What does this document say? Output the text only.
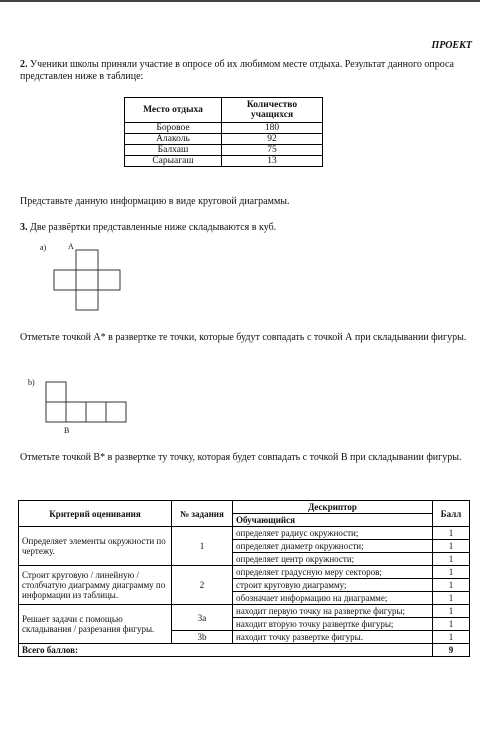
ПРОЕКТ
2. Ученики школы приняли участие в опросе об их любимом месте отдыха. Результат данного опроса представлен ниже в таблице:
Место отдыха	Количество учащихся
Боровое	180
Алаколь	92
Балхаш	75
Сарыагаш	13
Представьте данную информацию в виде круговой диаграммы.
3. Две развёртки представленные ниже складываются в куб.
а)	А
Отметьте точкой А* в развертке те точки, которые будут совпадать с точкой А при складывании фигуры.
b)
В
Отметьте точкой В* в развертке ту точку, которая будет совпадать с точкой В при складывании фигуры.
Критерий оценивания	№ задания	Дескриптор	Балл
		Обучающийся	
Определяет элементы окружности по чертежу.	1	определяет радиус окружности;	1
		определяет диаметр окружности;	1
		определяет центр окружности;	1
Строит круговую / линейную / столбчатую диаграмму диаграмму по информации из таблицы.	2	определяет градусную меру секторов;	1
		строит круговую диаграмму;	1
		обозначает информацию на диаграмме;	1
Решает задачи с помощью складывания / разрезания фигуры.	3a	находит первую точку на развертке фигуры;	1
		находит вторую точку развертке фигуры;	1
	3b	находит точку развертке фигуры.	1
Всего баллов:			9
